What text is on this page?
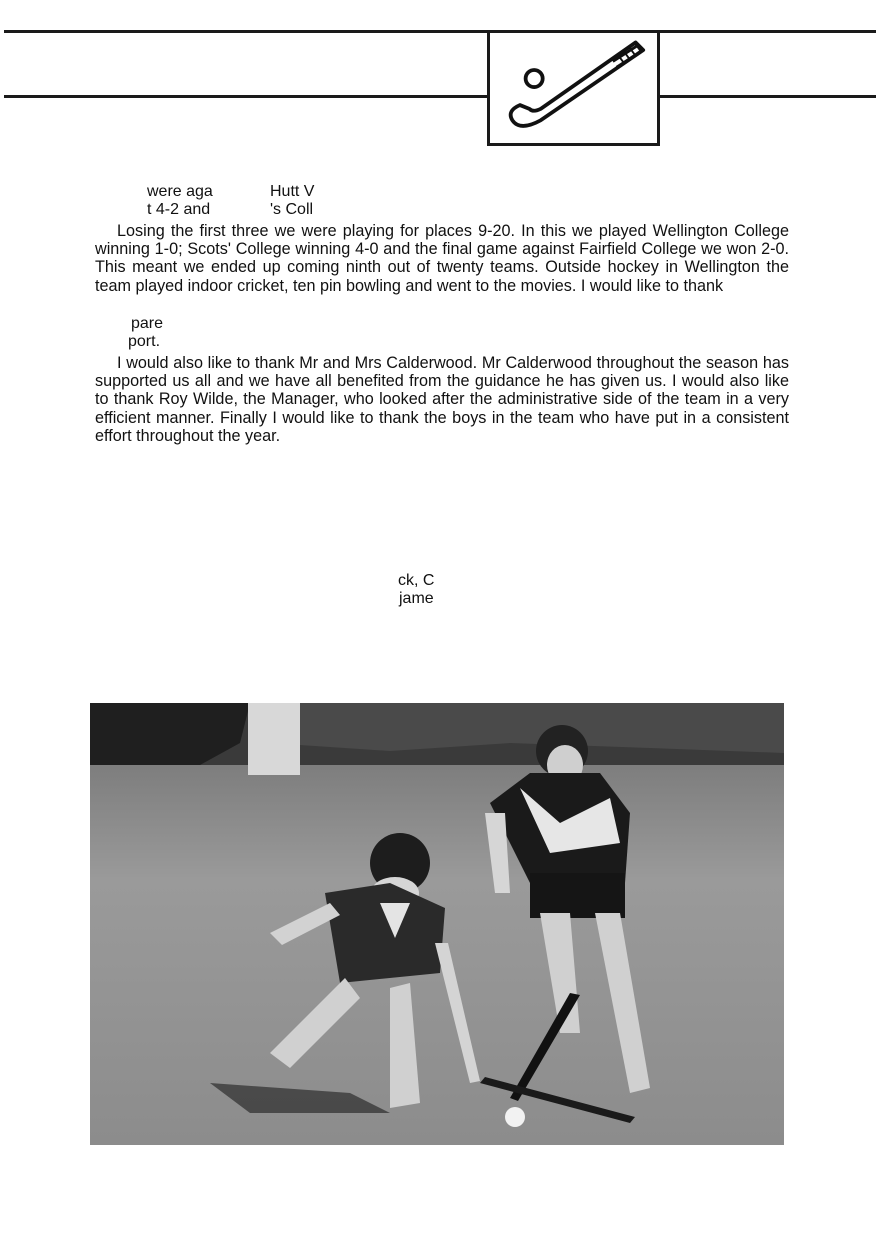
were aga	Hutt V
t 4-2 and	's Coll
Losing the first three we were playing for places 9-20. In this we played Wellington College winning 1-0; Scots' College winning 4-0 and the final game against Fairfield College we won 2-0. This meant we ended up coming ninth out of twenty teams. Outside hockey in Wellington the team played indoor cricket, ten pin bowling and went to the movies. I would like to thank
pare
port.
I would also like to thank Mr and Mrs Calderwood. Mr Calderwood throughout the season has supported us all and we have all benefited from the guidance he has given us. I would also like to thank Roy Wilde, the Manager, who looked after the administrative side of the team in a very efficient manner. Finally I would like to thank the boys in the team who have put in a consistent effort throughout the year.
ck, C
jame
